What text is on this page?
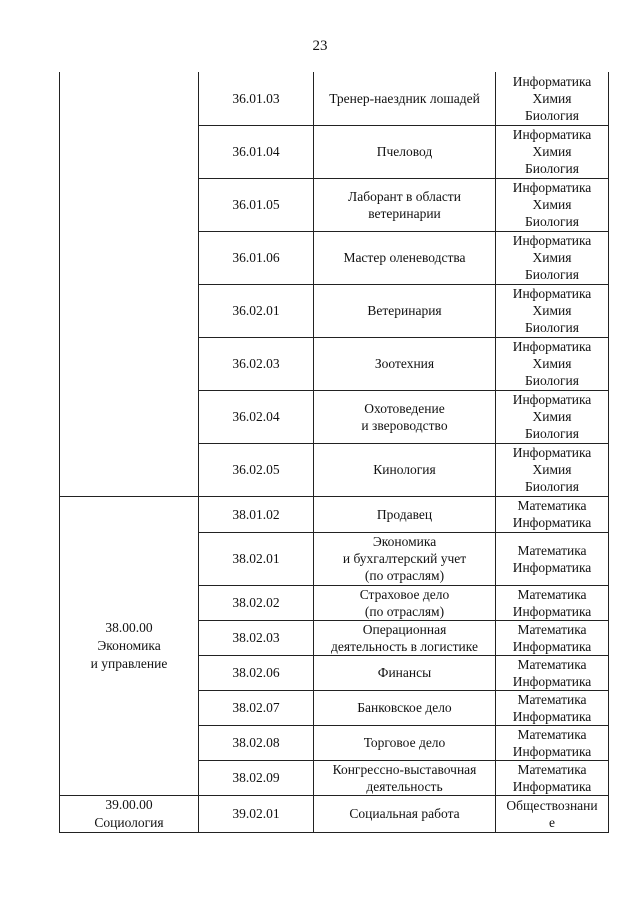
23
	36.01.03	Тренер-наездник лошадей	Информатика
Химия
Биология

	36.01.04	Пчеловод	Информатика
Химия
Биология

	36.01.05	Лаборант в области
ветеринарии	Информатика
Химия
Биология

	36.01.06	Мастер оленеводства	Информатика
Химия
Биология

	36.02.01	Ветеринария	Информатика
Химия
Биология

	36.02.03	Зоотехния	Информатика
Химия
Биология

	36.02.04	Охотоведение
и звероводство	Информатика
Химия
Биология

	36.02.05	Кинология	Информатика
Химия
Биология

38.00.00
Экономика
и управление	38.01.02	Продавец	Математика
Информатика

	38.02.01	Экономика
и бухгалтерский учет
(по отраслям)	Математика
Информатика

	38.02.02	Страховое дело
(по отраслям)	Математика
Информатика

	38.02.03	Операционная
деятельность в логистике	Математика
Информатика

	38.02.06	Финансы	Математика
Информатика

	38.02.07	Банковское дело	Математика
Информатика

	38.02.08	Торговое дело	Математика
Информатика

	38.02.09	Конгрессно-выставочная
деятельность	Математика
Информатика

39.00.00
Социология	39.02.01	Социальная работа	Обществознани
е
